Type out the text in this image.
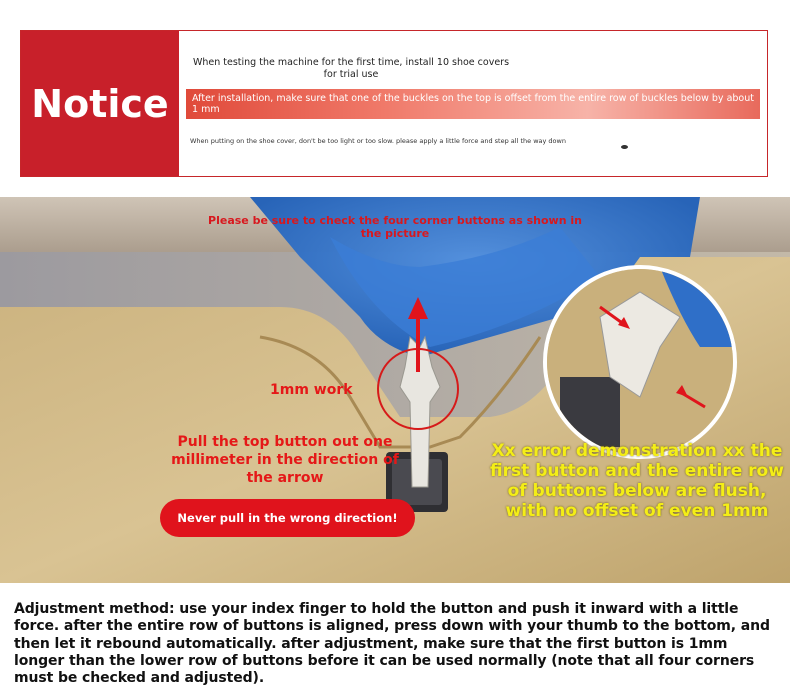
Notice
When testing the machine for the first time, install 10 shoe covers for trial use
After installation, make sure that one of the buckles on the top is offset from the entire row of buckles below by about 1 mm
When putting on the shoe cover, don't be too light or too slow. please apply a little force and step all the way down
Please be sure to check the four corner buttons as shown in the picture
1mm work
Pull the top button out one millimeter in the direction of the arrow
Xx error demonstration xx the first button and the entire row of buttons below are flush, with no offset of even 1mm
Never pull in the wrong direction!
Adjustment method: use your index finger to hold the button and push it inward with a little force. after the entire row of buttons is aligned, press down with your thumb to the bottom, and then let it rebound automatically. after adjustment, make sure that the first button is 1mm longer than the lower row of buttons before it can be used normally (note that all four corners must be checked and adjusted).
